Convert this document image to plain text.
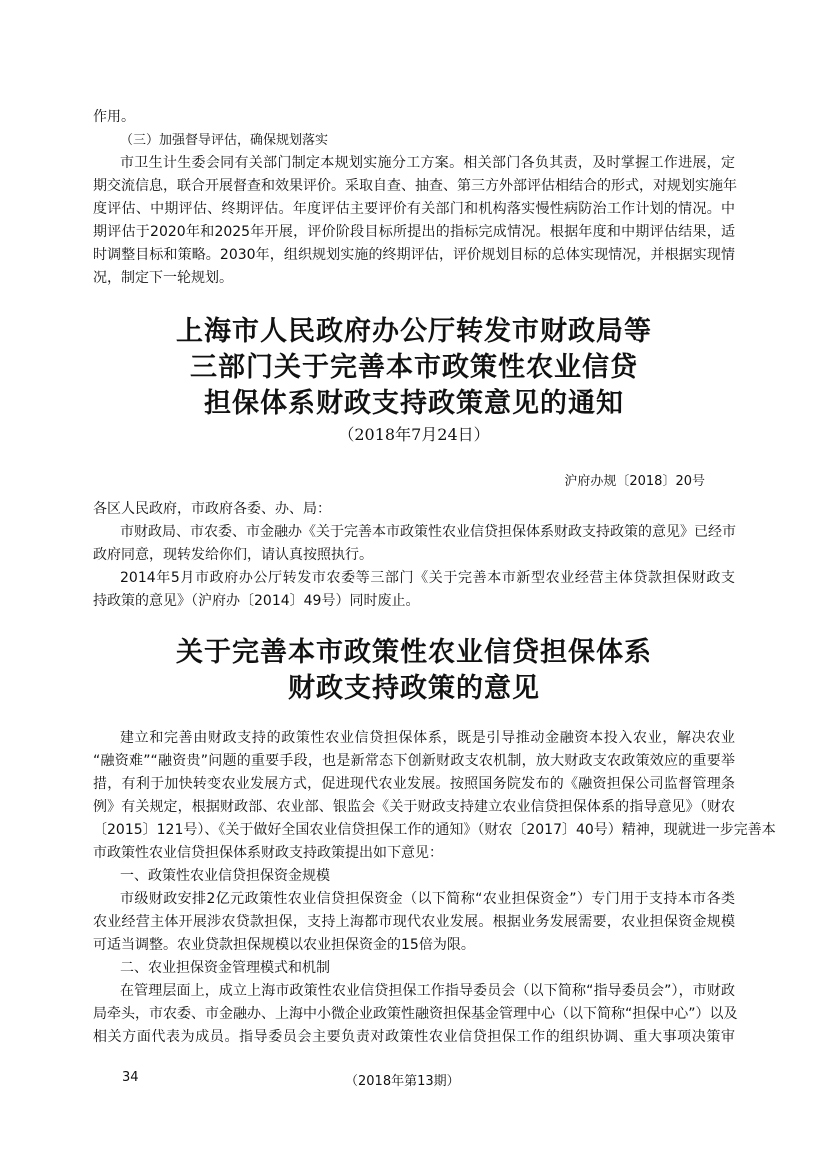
作用。
（三）加强督导评估，确保规划落实
市卫生计生委会同有关部门制定本规划实施分工方案。相关部门各负其责，及时掌握工作进展，定
期交流信息，联合开展督查和效果评价。采取自查、抽查、第三方外部评估相结合的形式，对规划实施年
度评估、中期评估、终期评估。年度评估主要评价有关部门和机构落实慢性病防治工作计划的情况。中
期评估于2020年和2025年开展，评价阶段目标所提出的指标完成情况。根据年度和中期评估结果，适
时调整目标和策略。2030年，组织规划实施的终期评估，评价规划目标的总体实现情况，并根据实现情
况，制定下一轮规划。
上海市人民政府办公厅转发市财政局等
三部门关于完善本市政策性农业信贷
担保体系财政支持政策意见的通知
（2018年7月24日）
沪府办规〔2018〕20号
各区人民政府，市政府各委、办、局：
市财政局、市农委、市金融办《关于完善本市政策性农业信贷担保体系财政支持政策的意见》已经市
政府同意，现转发给你们，请认真按照执行。
2014年5月市政府办公厅转发市农委等三部门《关于完善本市新型农业经营主体贷款担保财政支
持政策的意见》（沪府办〔2014〕49号）同时废止。
关于完善本市政策性农业信贷担保体系
财政支持政策的意见
建立和完善由财政支持的政策性农业信贷担保体系，既是引导推动金融资本投入农业，解决农业
“融资难”“融资贵”问题的重要手段，也是新常态下创新财政支农机制，放大财政支农政策效应的重要举
措，有利于加快转变农业发展方式，促进现代农业发展。按照国务院发布的《融资担保公司监督管理条
例》有关规定，根据财政部、农业部、银监会《关于财政支持建立农业信贷担保体系的指导意见》（财农
〔2015〕121号）、《关于做好全国农业信贷担保工作的通知》（财农〔2017〕40号）精神，现就进一步完善本
市政策性农业信贷担保体系财政支持政策提出如下意见：
一、政策性农业信贷担保资金规模
市级财政安排2亿元政策性农业信贷担保资金（以下简称“农业担保资金”）专门用于支持本市各类
农业经营主体开展涉农贷款担保，支持上海都市现代农业发展。根据业务发展需要，农业担保资金规模
可适当调整。农业贷款担保规模以农业担保资金的15倍为限。
二、农业担保资金管理模式和机制
在管理层面上，成立上海市政策性农业信贷担保工作指导委员会（以下简称“指导委员会”），市财政
局牵头，市农委、市金融办、上海中小微企业政策性融资担保基金管理中心（以下简称“担保中心”）以及
相关方面代表为成员。指导委员会主要负责对政策性农业信贷担保工作的组织协调、重大事项决策审
34	（2018年第13期）
